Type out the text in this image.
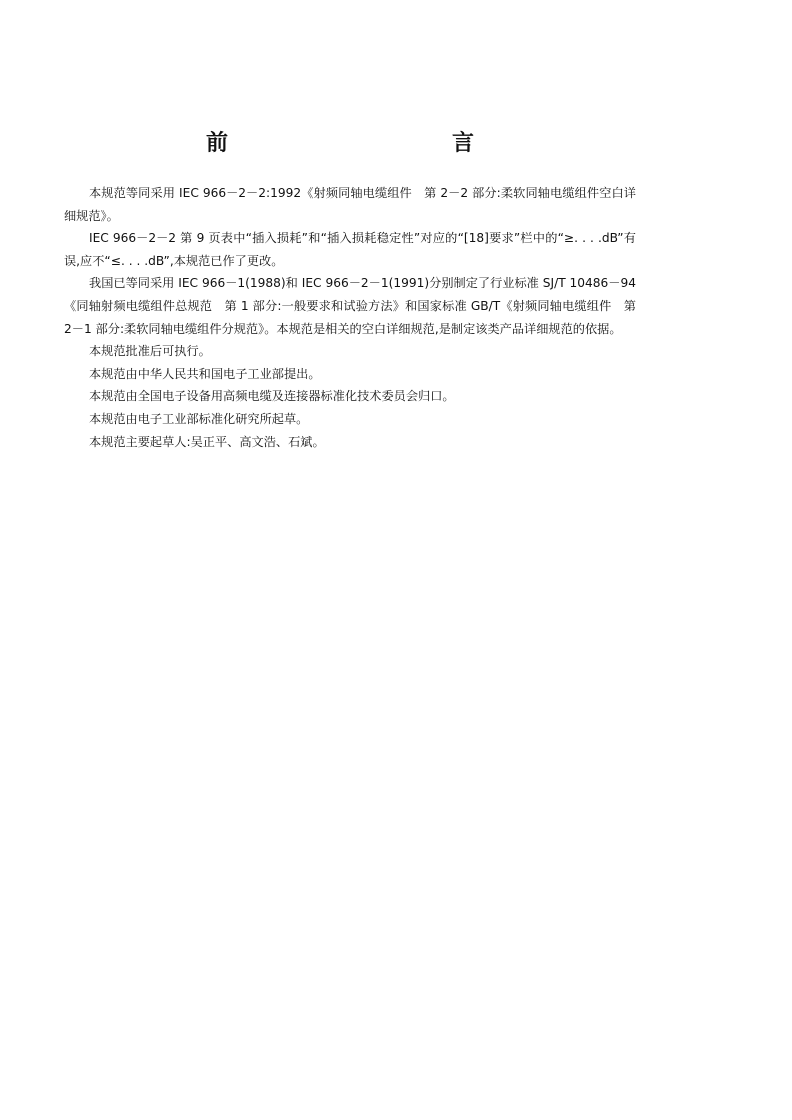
前　　言

本规范等同采用 IEC 966－2－2:1992《射频同轴电缆组件　第 2－2 部分:柔软同轴电缆组件空白详细规范》。

IEC 966－2－2 第 9 页表中“插入损耗”和“插入损耗稳定性”对应的“[18]要求”栏中的“≥. . . .dB”有误,应不“≤. . . .dB”,本规范已作了更改。

我国已等同采用 IEC 966－1(1988)和 IEC 966－2－1(1991)分别制定了行业标准 SJ/T 10486－94《同轴射频电缆组件总规范　第 1 部分:一般要求和试验方法》和国家标准 GB/T《射频同轴电缆组件　第 2－1 部分:柔软同轴电缆组件分规范》。本规范是相关的空白详细规范,是制定该类产品详细规范的依据。

本规范批准后可执行。

本规范由中华人民共和国电子工业部提出。

本规范由全国电子设备用高频电缆及连接器标准化技术委员会归口。

本规范由电子工业部标准化研究所起草。

本规范主要起草人:吴正平、高文浩、石斌。
